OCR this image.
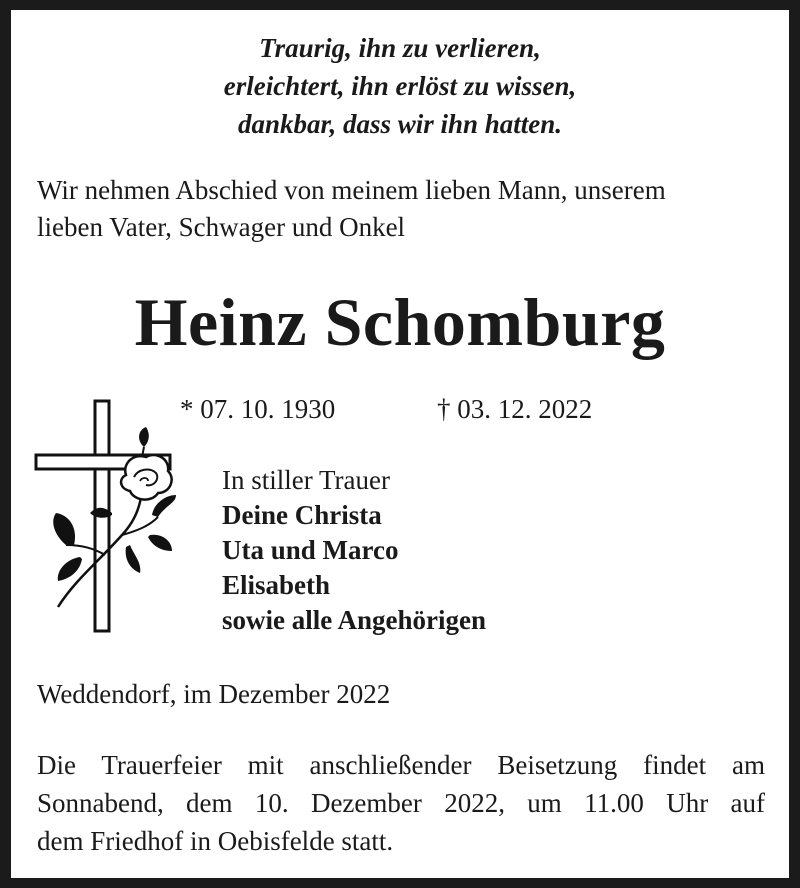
Traurig, ihn zu verlieren,
erleichtert, ihn erlöst zu wissen,
dankbar, dass wir ihn hatten.
Wir nehmen Abschied von meinem lieben Mann, unserem
lieben Vater, Schwager und Onkel
Heinz Schomburg
* 07. 10. 1930	† 03. 12. 2022
In stiller Trauer
Deine Christa
Uta und Marco
Elisabeth
sowie alle Angehörigen
Weddendorf, im Dezember 2022
Die Trauerfeier mit anschließender Beisetzung findet am
Sonnabend, dem 10. Dezember 2022, um 11.00 Uhr auf
dem Friedhof in Oebisfelde statt.
